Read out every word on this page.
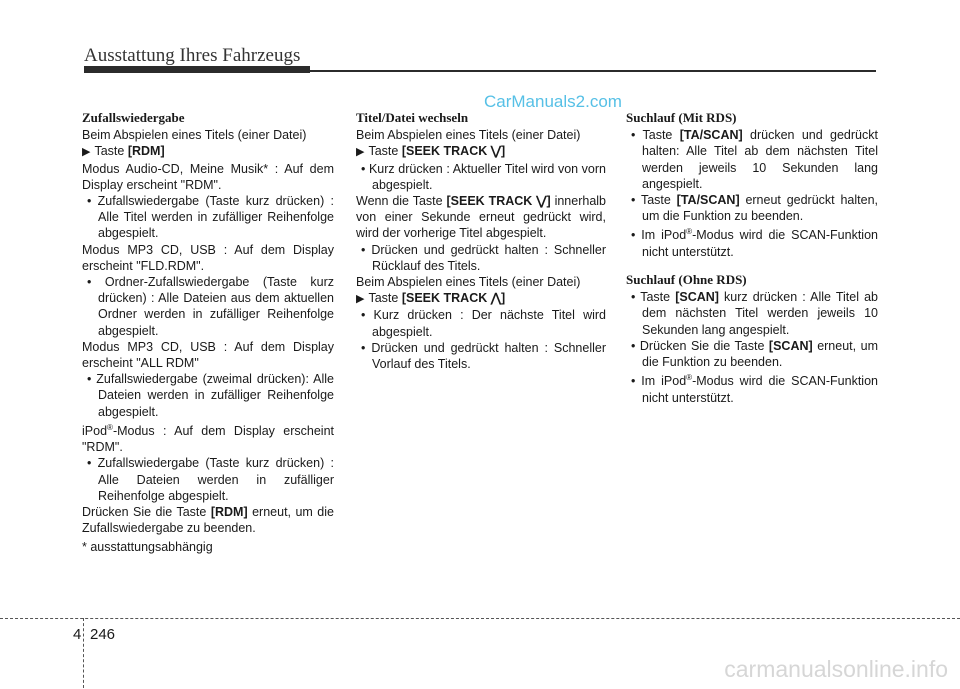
Ausstattung Ihres Fahrzeugs
CarManuals2.com
Zufallswiedergabe

Beim Abspielen eines Titels (einer Datei)

▶ Taste [RDM]

Modus Audio-CD, Meine Musik* : Auf dem Display erscheint "RDM".

• Zufallswiedergabe (Taste kurz drücken) : Alle Titel werden in zufälliger Reihenfolge abgespielt.

Modus MP3 CD, USB : Auf dem Display erscheint "FLD.RDM".

• Ordner-Zufallswiedergabe (Taste kurz drücken) : Alle Dateien aus dem aktuellen Ordner werden in zufälliger Reihenfolge abgespielt.

Modus MP3 CD, USB : Auf dem Display erscheint "ALL RDM"

• Zufallswiedergabe (zweimal drücken): Alle Dateien werden in zufälliger Reihenfolge abgespielt.

iPod®-Modus : Auf dem Display erscheint "RDM".

• Zufallswiedergabe (Taste kurz drücken) : Alle Dateien werden in zufälliger Reihenfolge abgespielt.

Drücken Sie die Taste [RDM] erneut, um die Zufallswiedergabe zu beenden.

* ausstattungsabhängig

Titel/Datei wechseln

Beim Abspielen eines Titels (einer Datei)

▶ Taste [SEEK TRACK ⋁]

• Kurz drücken : Aktueller Titel wird von vorn abgespielt.

Wenn die Taste [SEEK TRACK ⋁] innerhalb von einer Sekunde erneut gedrückt wird, wird der vorherige Titel abgespielt.

• Drücken und gedrückt halten : Schneller Rücklauf des Titels.

Beim Abspielen eines Titels (einer Datei)

▶ Taste [SEEK TRACK ⋀]

• Kurz drücken : Der nächste Titel wird abgespielt.

• Drücken und gedrückt halten : Schneller Vorlauf des Titels.

Suchlauf (Mit RDS)

• Taste [TA/SCAN] drücken und gedrückt halten: Alle Titel ab dem nächsten Titel werden jeweils 10 Sekunden lang angespielt.

• Taste [TA/SCAN] erneut gedrückt halten, um die Funktion zu beenden.

• Im iPod®-Modus wird die SCAN-Funktion nicht unterstützt.

Suchlauf (Ohne RDS)

• Taste [SCAN] kurz drücken : Alle Titel ab dem nächsten Titel werden jeweils 10 Sekunden lang angespielt.

• Drücken Sie die Taste [SCAN] erneut, um die Funktion zu beenden.

• Im iPod®-Modus wird die SCAN-Funktion nicht unterstützt.

4 246
carmanualsonline.info
